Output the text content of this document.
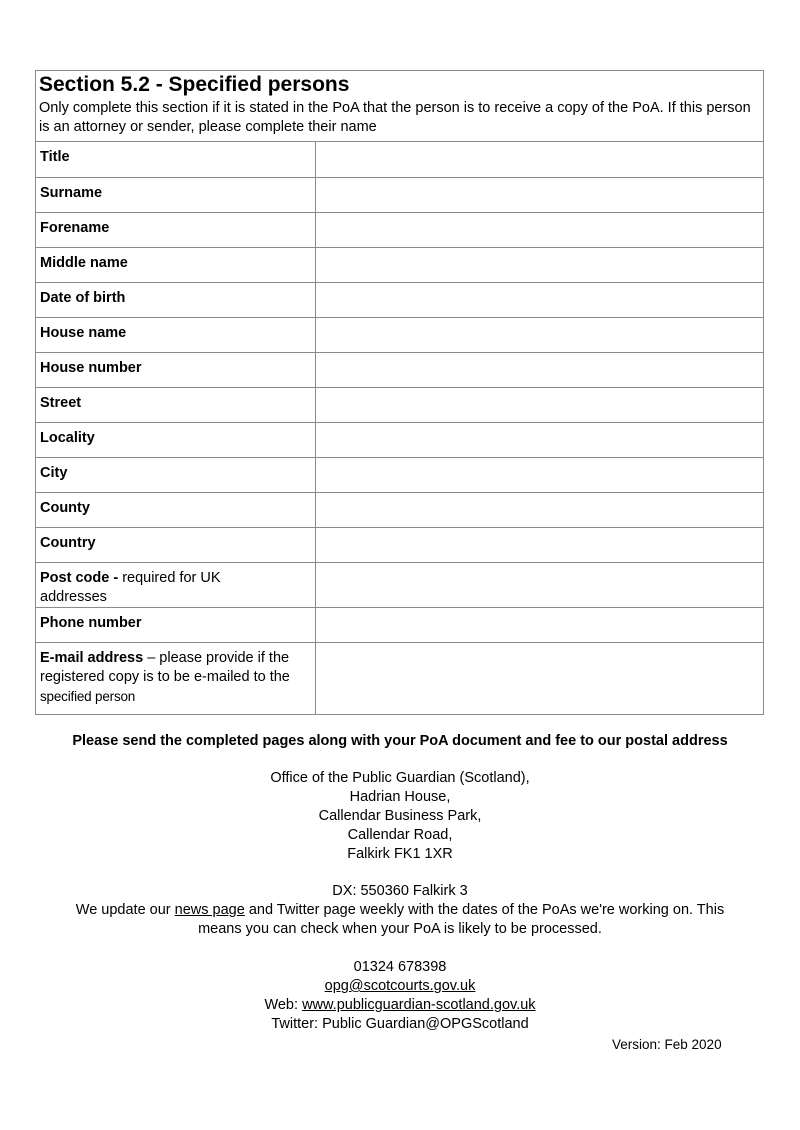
Section 5.2 - Specified persons
Only complete this section if it is stated in the PoA that the person is to receive a copy of the PoA. If this person is an attorney or sender, please complete their name
Title	

Surname	

Forename	

Middle name	

Date of birth	

House name	

House number	

Street	

Locality	

City	

County	

Country	

Post code - required for UK
addresses	

Phone number	

E-mail address – please provide if the
registered copy is to be e-mailed to the
specified person	
Please send the completed pages along with your PoA document and fee to our postal address
Office of the Public Guardian (Scotland),
Hadrian House,
Callendar Business Park,
Callendar Road,
Falkirk FK1 1XR
DX: 550360 Falkirk 3
We update our news page and Twitter page weekly with the dates of the PoAs we're working on. This
means you can check when your PoA is likely to be processed.
01324 678398
opg@scotcourts.gov.uk
Web: www.publicguardian-scotland.gov.uk
Twitter: Public Guardian@OPGScotland
Version: Feb 2020
